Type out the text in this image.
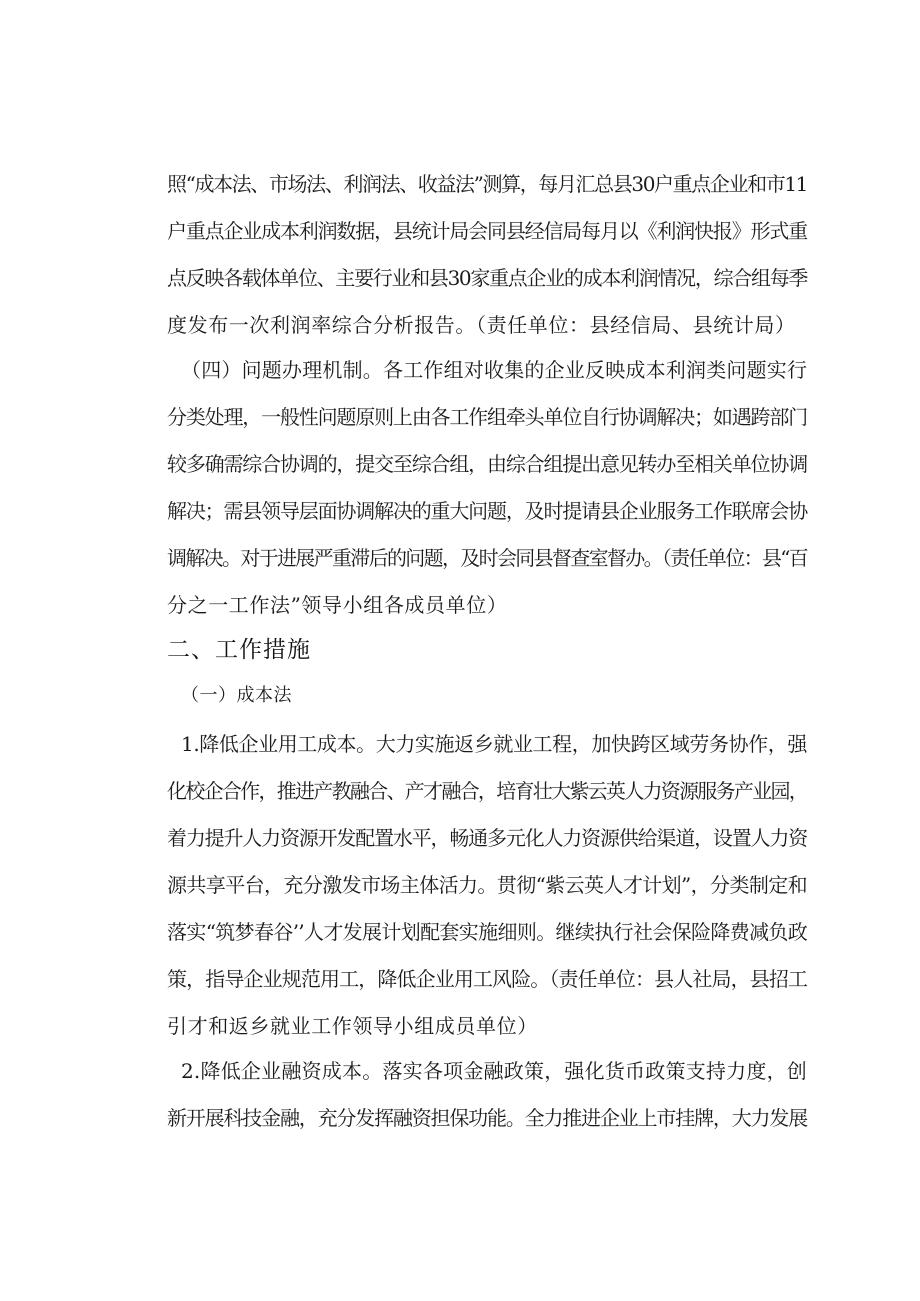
照“成本法、市场法、利润法、收益法”测算，每月汇总县30户重点企业和市11
户重点企业成本利润数据，县统计局会同县经信局每月以《利润快报》形式重
点反映各载体单位、主要行业和县30家重点企业的成本利润情况，综合组每季
度发布一次利润率综合分析报告。（责任单位：县经信局、县统计局）
（四）问题办理机制。各工作组对收集的企业反映成本利润类问题实行
分类处理，一般性问题原则上由各工作组牵头单位自行协调解决；如遇跨部门
较多确需综合协调的，提交至综合组，由综合组提出意见转办至相关单位协调
解决；需县领导层面协调解决的重大问题，及时提请县企业服务工作联席会协
调解决。对于进展严重滞后的问题，及时会同县督查室督办。（责任单位：县“百
分之一工作法”领导小组各成员单位）
二、工作措施
（一）成本法
1.降低企业用工成本。大力实施返乡就业工程，加快跨区域劳务协作，强
化校企合作，推进产教融合、产才融合，培育壮大紫云英人力资源服务产业园，
着力提升人力资源开发配置水平，畅通多元化人力资源供给渠道，设置人力资
源共享平台，充分激发市场主体活力。贯彻“紫云英人才计划”，分类制定和
落实“筑梦春谷’’人才发展计划配套实施细则。继续执行社会保险降费减负政
策，指导企业规范用工，降低企业用工风险。（责任单位：县人社局，县招工
引才和返乡就业工作领导小组成员单位）
2.降低企业融资成本。落实各项金融政策，强化货币政策支持力度，创
新开展科技金融，充分发挥融资担保功能。全力推进企业上市挂牌，大力发展
